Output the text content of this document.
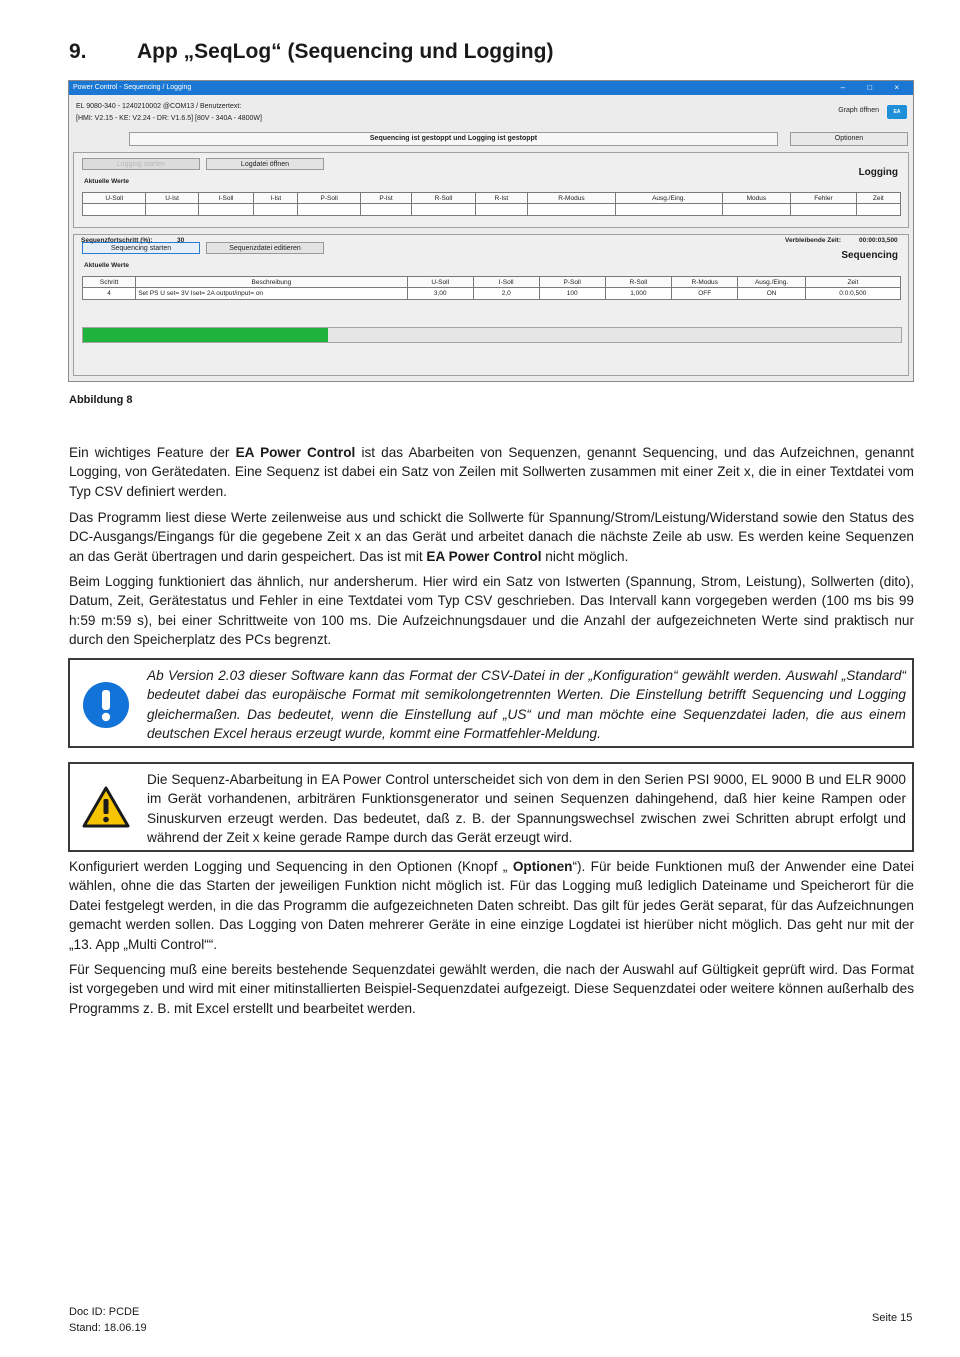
9. App „SeqLog“ (Sequencing und Logging)
Power Control - Sequencing / Logging	– □ ×
EL 9080-340 - 1240210002 @COM13 / Benutzertext:
[HMI: V2.15 - KE: V2.24 - DR: V1.6.5] [80V - 340A - 4800W]
Graph öffnen	EA
Sequencing ist gestoppt und Logging ist gestoppt	Optionen
Logging starten	Logdatei öffnen
Aktuelle Werte
Logging
U-Soll	U-Ist	I-Soll	I-Ist	P-Soll	P-Ist	R-Soll	R-Ist	R-Modus	Ausg./Eing.	Modus	Fehler	Zeit

Sequencing starten	Sequenzdatei editieren
Aktuelle Werte
Sequencing
Schritt	Beschreibung	U-Soll	I-Soll	P-Soll	R-Soll	R-Modus	Ausg./Eing.	Zeit
4	Set PS U set= 3V Iset= 2A output/input= on	3,00	2,0	100	1,000	OFF	ON	0:0:0,500
Sequenzfortschritt (%):	30	Verbleibende Zeit:	00:00:03,500
Abbildung 8
Ein wichtiges Feature der EA Power Control ist das Abarbeiten von Sequenzen, genannt Sequencing, und das Aufzeichnen, genannt Logging, von Gerätedaten. Eine Sequenz ist dabei ein Satz von Zeilen mit Sollwerten zusammen mit einer Zeit x, die in einer Textdatei vom Typ CSV definiert werden.
Das Programm liest diese Werte zeilenweise aus und schickt die Sollwerte für Spannung/Strom/Leistung/Widerstand sowie den Status des DC-Ausgangs/Eingangs für die gegebene Zeit x an das Gerät und arbeitet danach die nächste Zeile ab usw. Es werden keine Sequenzen an das Gerät übertragen und darin gespeichert. Das ist mit EA Power Control nicht möglich.
Beim Logging funktioniert das ähnlich, nur andersherum. Hier wird ein Satz von Istwerten (Spannung, Strom, Leistung), Sollwerten (dito), Datum, Zeit, Gerätestatus und Fehler in eine Textdatei vom Typ CSV geschrieben. Das Intervall kann vorgegeben werden (100 ms bis 99 h:59 m:59 s), bei einer Schrittweite von 100 ms. Die Aufzeichnungsdauer und die Anzahl der aufgezeichneten Werte sind praktisch nur durch den Speicherplatz des PCs begrenzt.
Ab Version 2.03 dieser Software kann das Format der CSV-Datei in der „Konfiguration“ gewählt werden. Auswahl „Standard“ bedeutet dabei das europäische Format mit semikolongetrennten Werten. Die Einstellung betrifft Sequencing und Logging gleichermaßen. Das bedeutet, wenn die Einstellung auf „US“ und man möchte eine Sequenzdatei laden, die aus einem deutschen Excel heraus erzeugt wurde, kommt eine Formatfehler-Meldung.
Die Sequenz-Abarbeitung in EA Power Control unterscheidet sich von dem in den Serien PSI 9000, EL 9000 B und ELR 9000 im Gerät vorhandenen, arbiträren Funktionsgenerator und seinen Sequenzen dahingehend, daß hier keine Rampen oder Sinuskurven erzeugt werden. Das bedeutet, daß z. B. der Spannungswechsel zwischen zwei Schritten abrupt erfolgt und während der Zeit x keine gerade Rampe durch das Gerät erzeugt wird.
Konfiguriert werden Logging und Sequencing in den Optionen (Knopf „ Optionen“). Für beide Funktionen muß der Anwender eine Datei wählen, ohne die das Starten der jeweiligen Funktion nicht möglich ist. Für das Logging muß lediglich Dateiname und Speicherort für die Datei festgelegt werden, in die das Programm die aufgezeichneten Daten schreibt. Das gilt für jedes Gerät separat, für das Aufzeichnungen gemacht werden sollen. Das Logging von Daten mehrerer Geräte in eine einzige Logdatei ist hierüber nicht möglich. Das geht nur mit der „13. App „Multi Control““.
Für Sequencing muß eine bereits bestehende Sequenzdatei gewählt werden, die nach der Auswahl auf Gültigkeit geprüft wird. Das Format ist vorgegeben und wird mit einer mitinstallierten Beispiel-Sequenzdatei aufgezeigt. Diese Sequenzdatei oder weitere können außerhalb des Programms z. B. mit Excel erstellt und bearbeitet werden.
Doc ID: PCDE
Stand: 18.06.19
Seite 15
